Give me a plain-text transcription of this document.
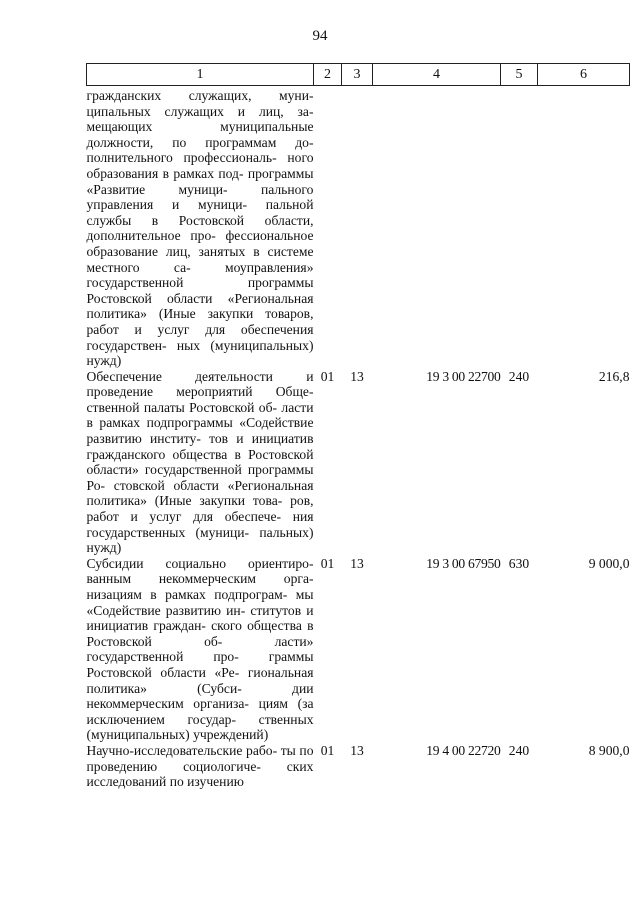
94
1	2	3	4	5	6
гражданских служащих, муни- ципальных служащих и лиц, за- мещающих муниципальные должности, по программам до- полнительного профессиональ- ного образования в рамках под- программы «Развитие муници- пального управления и муници- пальной службы в Ростовской области, дополнительное про- фессиональное образование лиц, занятых в системе местного са- моуправления» государственной программы Ростовской области «Региональная политика» (Иные закупки товаров, работ и услуг для обеспечения государствен- ных (муниципальных) нужд)					
Обеспечение деятельности и проведение мероприятий Обще- ственной палаты Ростовской об- ласти в рамках подпрограммы «Содействие развитию институ- тов и инициатив гражданского общества в Ростовской области» государственной программы Ро- стовской области «Региональная политика» (Иные закупки това- ров, работ и услуг для обеспече- ния государственных (муници- пальных) нужд)	01	13	19 3 00 22700	240	216,8
Субсидии социально ориентиро- ванным некоммерческим орга- низациям в рамках подпрограм- мы «Содействие развитию ин- ститутов и инициатив граждан- ского общества в Ростовской об- ласти» государственной про- граммы Ростовской области «Ре- гиональная политика» (Субси- дии некоммерческим организа- циям (за исключением государ- ственных (муниципальных) учреждений)	01	13	19 3 00 67950	630	9 000,0
Научно-исследовательские рабо- ты по проведению социологиче- ских исследований по изучению	01	13	19 4 00 22720	240	8 900,0
